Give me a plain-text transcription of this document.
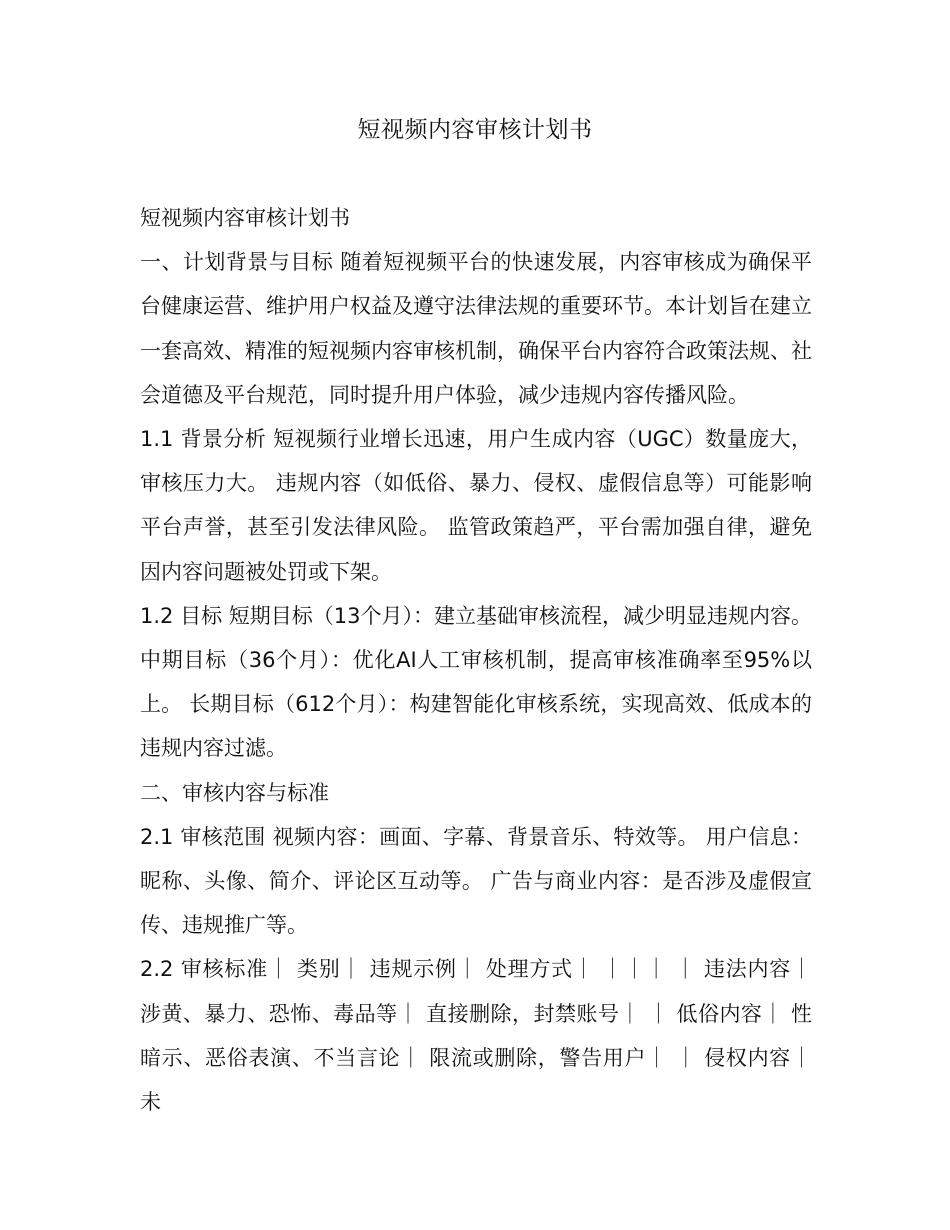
短视频内容审核计划书

短视频内容审核计划书

一、计划背景与目标 随着短视频平台的快速发展，内容审核成为确保平台健康运营、维护用户权益及遵守法律法规的重要环节。本计划旨在建立一套高效、精准的短视频内容审核机制，确保平台内容符合政策法规、社会道德及平台规范，同时提升用户体验，减少违规内容传播风险。

1.1 背景分析 短视频行业增长迅速，用户生成内容（UGC）数量庞大，审核压力大。 违规内容（如低俗、暴力、侵权、虚假信息等）可能影响平台声誉，甚至引发法律风险。 监管政策趋严，平台需加强自律，避免因内容问题被处罚或下架。

1.2 目标 短期目标（13个月）：建立基础审核流程，减少明显违规内容。 中期目标（36个月）：优化AI人工审核机制，提高审核准确率至95%以上。 长期目标（612个月）：构建智能化审核系统，实现高效、低成本的违规内容过滤。

二、审核内容与标准

2.1 审核范围 视频内容：画面、字幕、背景音乐、特效等。 用户信息：昵称、头像、简介、评论区互动等。 广告与商业内容：是否涉及虚假宣传、违规推广等。

2.2 审核标准｜ 类别｜ 违规示例｜ 处理方式｜ ｜｜｜ ｜ 违法内容｜ 涉黄、暴力、恐怖、毒品等｜ 直接删除，封禁账号｜ ｜ 低俗内容｜ 性暗示、恶俗表演、不当言论｜ 限流或删除，警告用户｜ ｜ 侵权内容｜ 未
